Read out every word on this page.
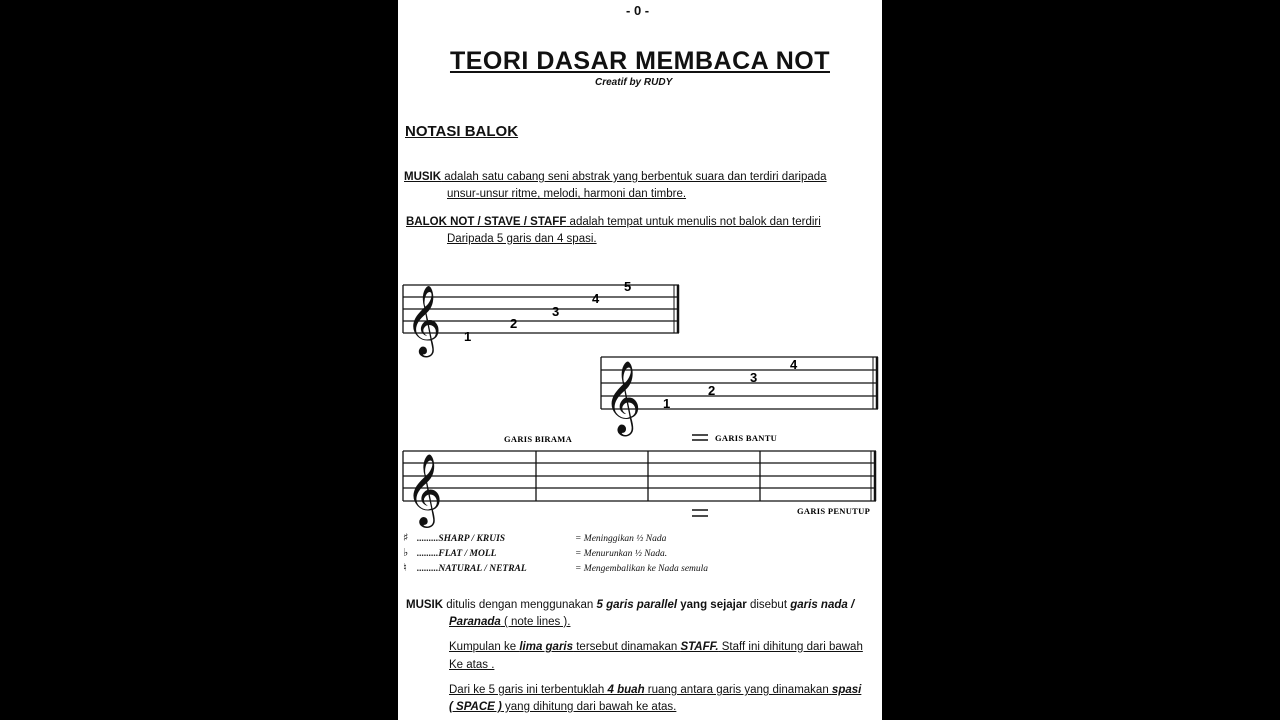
- 0 -
TEORI DASAR MEMBACA NOT
Creatif by RUDY
NOTASI BALOK
MUSIK adalah satu cabang seni abstrak yang berbentuk suara dan terdiri daripada
unsur-unsur ritme, melodi, harmoni dan timbre.
BALOK NOT / STAVE / STAFF adalah tempat untuk menulis not balok dan terdiri
Daripada 5 garis dan 4 spasi.
𝄞 1
2
3
4
5
𝄞 1
2
3
4
GARIS BIRAMA	GARIS BANTU
𝄞	GARIS PENUTUP
♯ .........SHARP / KRUIS	= Meninggikan ½ Nada
♭ .........FLAT / MOLL	= Menurunkan ½ Nada.
♮ .........NATURAL / NETRAL	= Mengembalikan ke Nada semula
MUSIK ditulis dengan menggunakan 5 garis parallel yang sejajar disebut garis nada /
Paranada ( note lines ).
Kumpulan ke lima garis tersebut dinamakan STAFF. Staff ini dihitung dari bawah
Ke atas .
Dari ke 5 garis ini terbentuklah 4 buah ruang antara garis yang dinamakan spasi
( SPACE ) yang dihitung dari bawah ke atas.
